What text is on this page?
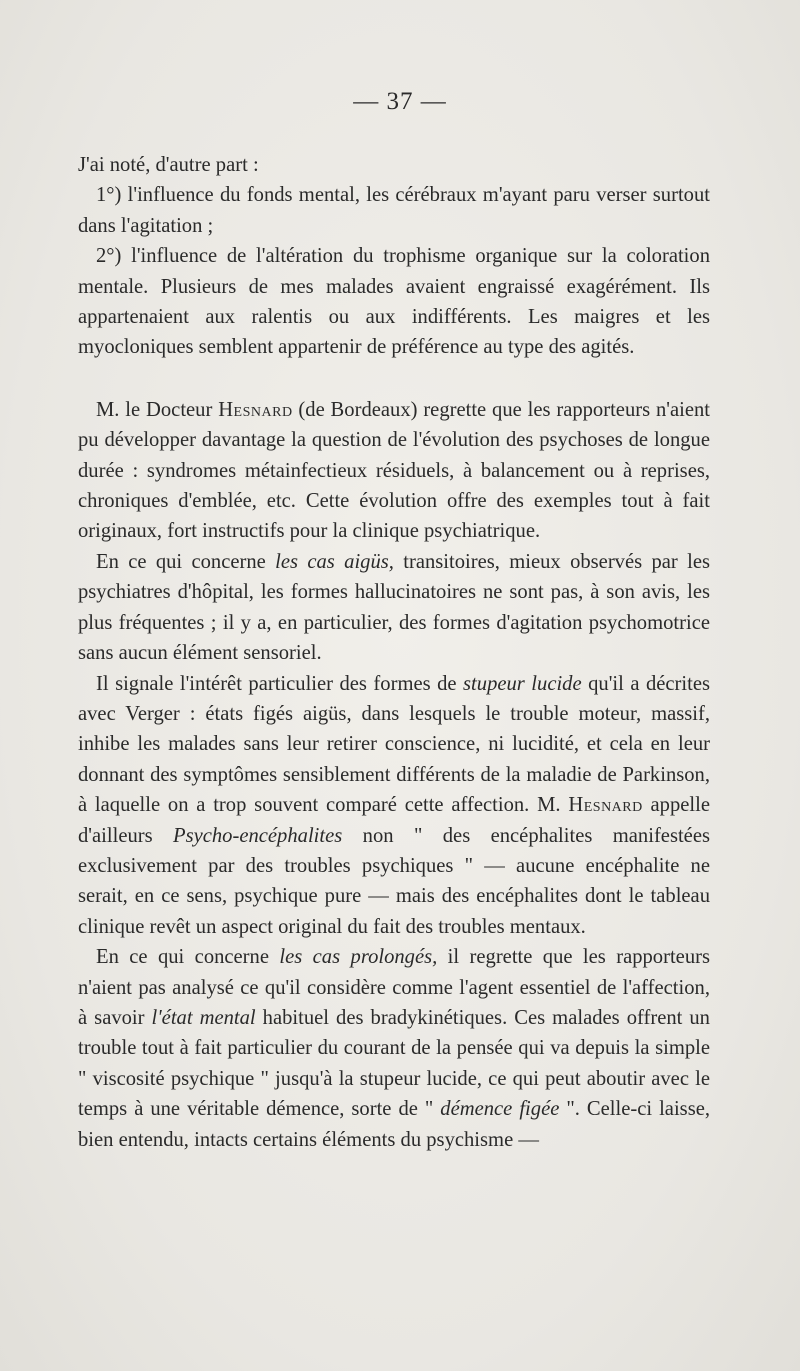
— 37 —

J'ai noté, d'autre part :

1°) l'influence du fonds mental, les cérébraux m'ayant paru verser surtout dans l'agitation ;

2°) l'influence de l'altération du trophisme organique sur la coloration mentale. Plusieurs de mes malades avaient engraissé exagérément. Ils appartenaient aux ralentis ou aux indifférents. Les maigres et les myocloniques semblent appartenir de préférence au type des agités.

M. le Docteur Hesnard (de Bordeaux) regrette que les rapporteurs n'aient pu développer davantage la question de l'évolution des psychoses de longue durée : syndromes métainfectieux résiduels, à balancement ou à reprises, chroniques d'emblée, etc. Cette évolution offre des exemples tout à fait originaux, fort instructifs pour la clinique psychiatrique.

En ce qui concerne les cas aigüs, transitoires, mieux observés par les psychiatres d'hôpital, les formes hallucinatoires ne sont pas, à son avis, les plus fréquentes ; il y a, en particulier, des formes d'agitation psychomotrice sans aucun élément sensoriel.

Il signale l'intérêt particulier des formes de stupeur lucide qu'il a décrites avec Verger : états figés aigüs, dans lesquels le trouble moteur, massif, inhibe les malades sans leur retirer conscience, ni lucidité, et cela en leur donnant des symptômes sensiblement différents de la maladie de Parkinson, à laquelle on a trop souvent comparé cette affection. M. Hesnard appelle d'ailleurs Psycho-encéphalites non " des encéphalites manifestées exclusivement par des troubles psychiques " — aucune encéphalite ne serait, en ce sens, psychique pure — mais des encéphalites dont le tableau clinique revêt un aspect original du fait des troubles mentaux.

En ce qui concerne les cas prolongés, il regrette que les rapporteurs n'aient pas analysé ce qu'il considère comme l'agent essentiel de l'affection, à savoir l'état mental habituel des bradykinétiques. Ces malades offrent un trouble tout à fait particulier du courant de la pensée qui va depuis la simple " viscosité psychique " jusqu'à la stupeur lucide, ce qui peut aboutir avec le temps à une véritable démence, sorte de " démence figée ". Celle-ci laisse, bien entendu, intacts certains éléments du psychisme —
